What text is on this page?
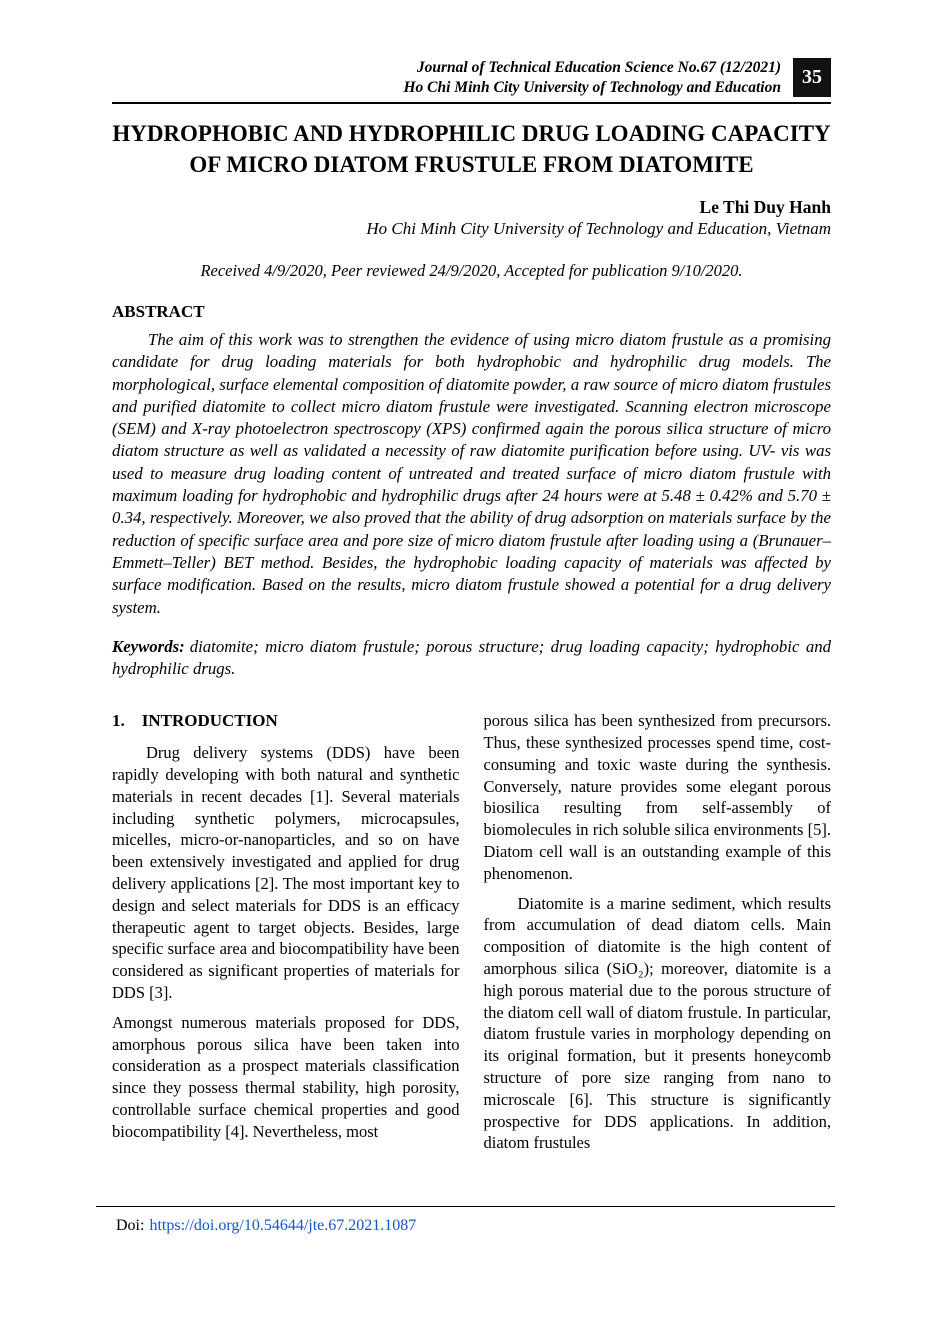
Journal of Technical Education Science No.67 (12/2021)
Ho Chi Minh City University of Technology and Education	35
HYDROPHOBIC AND HYDROPHILIC DRUG LOADING CAPACITY
OF MICRO DIATOM FRUSTULE FROM DIATOMITE
Le Thi Duy Hanh
Ho Chi Minh City University of Technology and Education, Vietnam
Received 4/9/2020, Peer reviewed 24/9/2020, Accepted for publication 9/10/2020.
ABSTRACT

The aim of this work was to strengthen the evidence of using micro diatom frustule as a promising candidate for drug loading materials for both hydrophobic and hydrophilic drug models. The morphological, surface elemental composition of diatomite powder, a raw source of micro diatom frustules and purified diatomite to collect micro diatom frustule were investigated. Scanning electron microscope (SEM) and X-ray photoelectron spectroscopy (XPS) confirmed again the porous silica structure of micro diatom structure as well as validated a necessity of raw diatomite purification before using. UV- vis was used to measure drug loading content of untreated and treated surface of micro diatom frustule with maximum loading for hydrophobic and hydrophilic drugs after 24 hours were at 5.48 ± 0.42% and 5.70 ± 0.34, respectively. Moreover, we also proved that the ability of drug adsorption on materials surface by the reduction of specific surface area and pore size of micro diatom frustule after loading using a (Brunauer–Emmett–Teller) BET method. Besides, the hydrophobic loading capacity of materials was affected by surface modification. Based on the results, micro diatom frustule showed a potential for a drug delivery system.

Keywords: diatomite; micro diatom frustule; porous structure; drug loading capacity; hydrophobic and hydrophilic drugs.

1. INTRODUCTION

Drug delivery systems (DDS) have been rapidly developing with both natural and synthetic materials in recent decades [1]. Several materials including synthetic polymers, microcapsules, micelles, micro-or-nanoparticles, and so on have been extensively investigated and applied for drug delivery applications [2]. The most important key to design and select materials for DDS is an efficacy therapeutic agent to target objects. Besides, large specific surface area and biocompatibility have been considered as significant properties of materials for DDS [3].

Amongst numerous materials proposed for DDS, amorphous porous silica have been taken into consideration as a prospect materials classification since they possess thermal stability, high porosity, controllable surface chemical properties and good biocompatibility [4]. Nevertheless, most

porous silica has been synthesized from precursors. Thus, these synthesized processes spend time, cost-consuming and toxic waste during the synthesis. Conversely, nature provides some elegant porous biosilica resulting from self-assembly of biomolecules in rich soluble silica environments [5]. Diatom cell wall is an outstanding example of this phenomenon.

Diatomite is a marine sediment, which results from accumulation of dead diatom cells. Main composition of diatomite is the high content of amorphous silica (SiO₂); moreover, diatomite is a high porous material due to the porous structure of the diatom cell wall of diatom frustule. In particular, diatom frustule varies in morphology depending on its original formation, but it presents honeycomb structure of pore size ranging from nano to microscale [6]. This structure is significantly prospective for DDS applications. In addition, diatom frustules

Doi: https://doi.org/10.54644/jte.67.2021.1087
